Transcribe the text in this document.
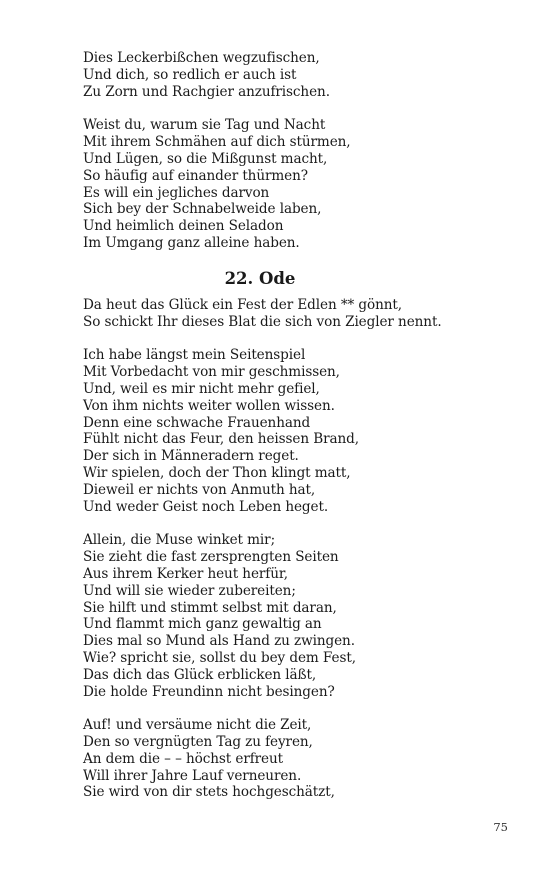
Dies Leckerbißchen wegzufischen,
Und dich, so redlich er auch ist
Zu Zorn und Rachgier anzufrischen.
Weist du, warum sie Tag und Nacht
Mit ihrem Schmähen auf dich stürmen,
Und Lügen, so die Mißgunst macht,
So häufig auf einander thürmen?
Es will ein jegliches darvon
Sich bey der Schnabelweide laben,
Und heimlich deinen Seladon
Im Umgang ganz alleine haben.
22. Ode
Da heut das Glück ein Fest der Edlen ** gönnt,
So schickt Ihr dieses Blat die sich von Ziegler nennt.
Ich habe längst mein Seitenspiel
Mit Vorbedacht von mir geschmissen,
Und, weil es mir nicht mehr gefiel,
Von ihm nichts weiter wollen wissen.
Denn eine schwache Frauenhand
Fühlt nicht das Feur, den heissen Brand,
Der sich in Männeradern reget.
Wir spielen, doch der Thon klingt matt,
Dieweil er nichts von Anmuth hat,
Und weder Geist noch Leben heget.
Allein, die Muse winket mir;
Sie zieht die fast zersprengten Seiten
Aus ihrem Kerker heut herfür,
Und will sie wieder zubereiten;
Sie hilft und stimmt selbst mit daran,
Und flammt mich ganz gewaltig an
Dies mal so Mund als Hand zu zwingen.
Wie? spricht sie, sollst du bey dem Fest,
Das dich das Glück erblicken läßt,
Die holde Freundinn nicht besingen?
Auf! und versäume nicht die Zeit,
Den so vergnügten Tag zu feyren,
An dem die – – höchst erfreut
Will ihrer Jahre Lauf verneuren.
Sie wird von dir stets hochgeschätzt,
75
